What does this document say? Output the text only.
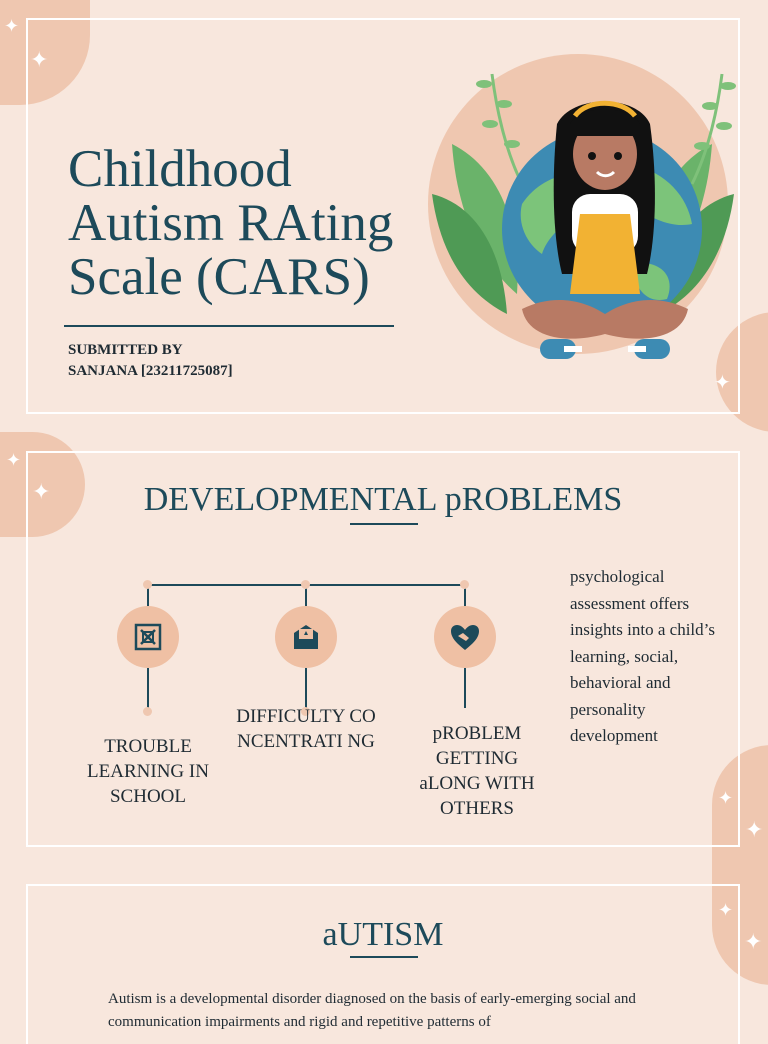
✦
✦
✦
✦
✦
✦
✦
✦
✦
Childhood Autism RAting Scale (CARS)
SUBMITTED BY
SANJANA [23211725087]
DEVELOPMENTAL pROBLEMS
TROUBLE LEARNING IN SCHOOL
DIFFICULTY CONCENTRATI NG	pROBLEM GETTING aLONG WITH OTHERS
psychological assessment offers insights into a child’s learning, social, behavioral and personality development
aUTISM

Autism is a developmental disorder diagnosed on the basis of early-emerging social and communication impairments and rigid and repetitive patterns of
